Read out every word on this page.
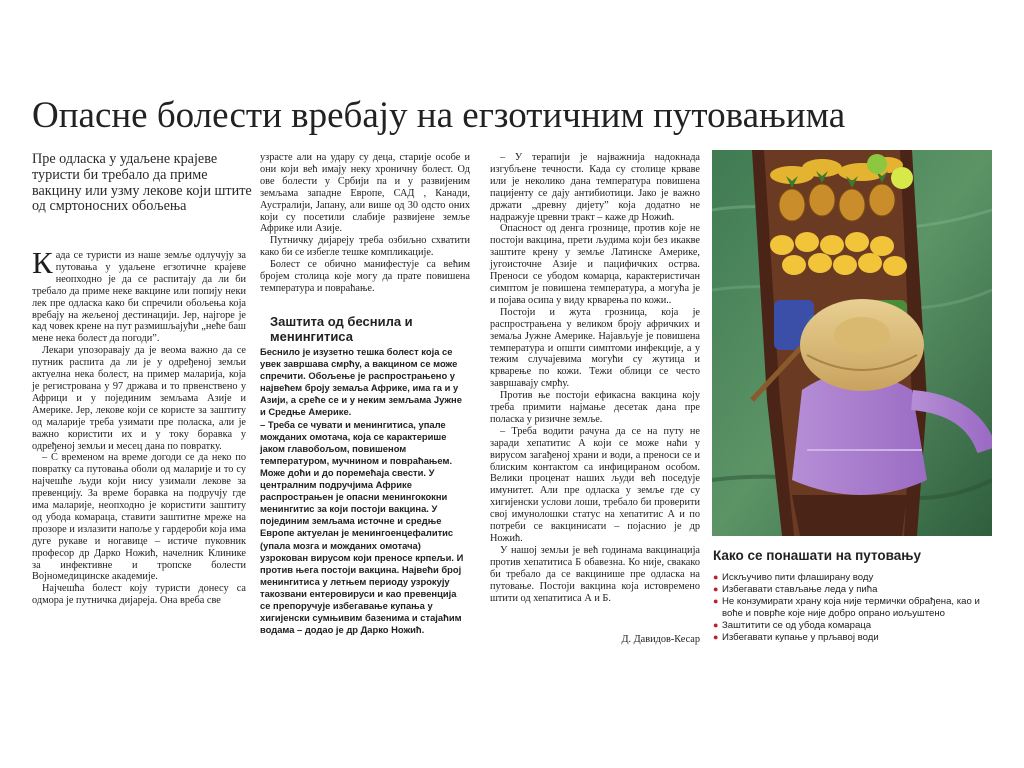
Опасне болести вребају на егзотичним путовањима

Пре одласка у удаљене крајеве туристи би требало да приме вакцину или узму лекове који штите од смртоносних обољења

Када се туристи из наше земље одлучују за путовања у удаљене егзотичне крајеве неопходно је да се распитају да ли би требало да приме неке вакцине или попију неки лек пре одласка како би спречили обољења која вребају на жељеној дестинацији. Јер, најгоре је кад човек крене на пут размишљајући „неће баш мене нека болест да погоди”.

Лекари упозоравају да је веома важно да се путник распита да ли је у одређеној земљи актуелна нека болест, на пример маларија, која је регистрована у 97 држава и то првенствено у Африци и у појединим земљама Азије и Америке. Јер, лекове који се користе за заштиту од маларије треба узимати пре поласка, али је важно користити их и у току боравка у одређеној земљи и месец дана по повратку.

– С временом на време догоди се да неко по повратку са путовања оболи од маларије и то су најчешће људи који нису узимали лекове за превенцију. За време боравка на подручју где има маларије, неопходно је користити заштиту од убода комараца, ставити заштитне мреже на прозоре и излазити напоље у гардероби која има дуге рукаве и ногавице – истиче пуковник професор др Дарко Ножић, начелник Клинике за инфективне и тропске болести Војномедицинске академије.

Најчешћа болест коју туристи донесу са одмора је путничка дијареја. Она вреба све

узрасте али на удару су деца, старије особе и они који већ имају неку хроничну болест. Од ове болести у Србији па и у развијеним земљама западне Европе, САД , Канади, Аустралији, Јапану, али више од 30 одсто оних који су посетили слабије развијене земље Африке или Азије.

Путничку дијареју треба озбиљно схватити како би се избегле тешке компликације.

Болест се обично манифестује са већим бројем столица које могу да прате повишена температура и повраћање.

Заштита од беснила и менингитиса

Беснило је изузетно тешка болест која се увек завршава смрћу, а вакцином се може спречити. Обољење је распрострањено у највећем броју земаља Африке, има га и у Азији, а среће се и у неким земљама Јужне и Средње Америке.

– Треба се чувати и менингитиса, упале можданих омотача, која се карактерише јаком главобољом, повишеном температуром, мучнином и повраћањем. Може доћи и до поремећаја свести. У централним подручјима Африке распрострањен је опасни менингококни менингитис за који постоји вакцина. У појединим земљама источне и средње Европе актуелан је менингоенцефалитис (упала мозга и можданих омотача) узрокован вирусом који преносе крпељи. И против њега постоји вакцина. Највећи број менингитиса у летњем периоду узрокују такозвани ентеровируси и као превенција се препоручује избегавање купања у хигијенски сумњивим базенима и стајаћим водама – додао је др Дарко Ножић.

– У терапији је најважнија надокнада изгубљене течности. Када су столице крваве или је неколико дана температура повишена пацијенту се дају антибиотици. Јако је важно држати „древну дијету” која додатно не надражује цревни тракт – каже др Ножић.

Опасност од денга грознице, против које не постоји вакцина, прети људима који без икакве заштите крену у земље Латинске Америке, југоисточне Азије и пацифичких острва. Преноси се убодом комарца, карактеристичан симптом је повишена температура, а могућа је и појава осипа у виду крварења по кожи..

Постоји и жута грозница, која је распрострањена у великом броју афричких и земаља Јужне Америке. Најављује је повишена температура и општи симптоми инфекције, а у тежим случајевима могући су жутица и крварење по кожи. Тежи облици се често завршавају смрћу.

Против ње постоји ефикасна вакцина коју треба примити најмање десетак дана пре поласка у ризичне земље.

– Треба водити рачуна да се на путу не заради хепатитис А који се може наћи у вирусом загађеној храни и води, а преноси се и блиским контактом са инфицираном особом. Велики проценат наших људи већ поседује имунитет. Али пре одласка у земље где су хигијенски услови лоши, требало би проверити свој имунолошки статус на хепатитис А и по потреби се вакцинисати – појаснио је др Ножић.

У нашој земљи је већ годинама вакцинација против хепатитиса Б обавезна. Ко није, свакако би требало да се вакцинише пре одласка на путовање. Постоји вакцина која истовремено штити од хепатитиса А и Б.

Д. Давидов-Кесар
Како се понашати на путовању
● Искључиво пити флаширану воду
● Избегавати стављање леда у пића
● Не конзумирати храну која није термички обрађена, као и воће и поврће које није добро опрано иољуштено
● Заштитити се од убода комараца
● Избегавати купање у прљавој води
